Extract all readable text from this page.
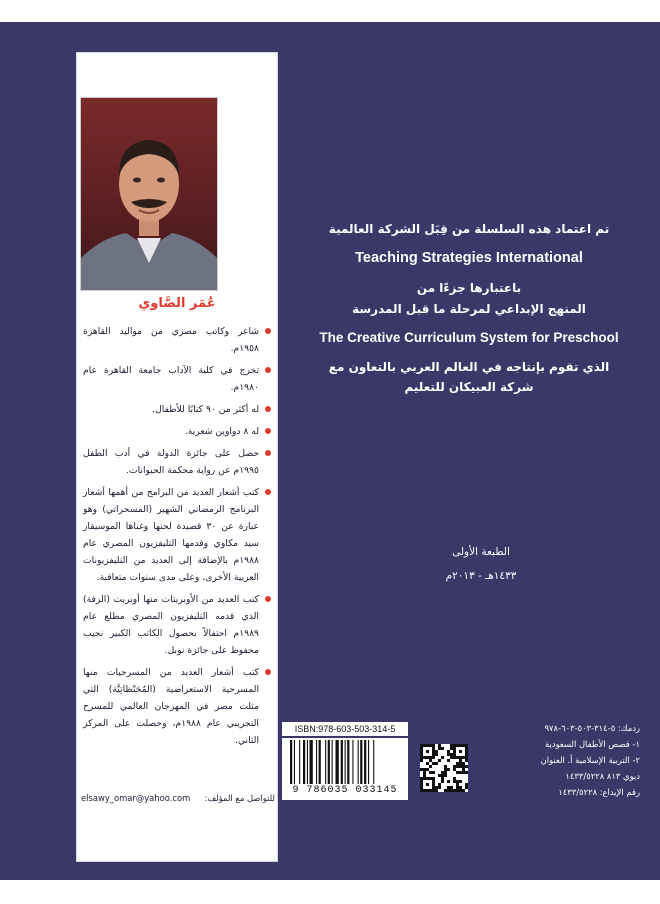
عُمَر الصَّاوي
شاعر وكاتب مصري من مواليد القاهرة ١٩٥٨م.
تخرج في كلية الآداب جامعة القاهرة عام ١٩٨٠م.
له أكثر من ٩٠ كتابًا للأطفال.
له ٨ دواوين شعرية.
حصل على جائزة الدولة في أدب الطفل ١٩٩٥م عن رواية محكمة الحيوانات.
كتب أشعار العديد من البرامج من أهمها أشعار البرنامج الرمضاني الشهير (المسحراتي) وهو عبارة عن ٣٠ قصيدة لحنها وغناها الموسيقار سيد مكاوي وقدمها التليفزيون المصري عام ١٩٨٨م بالإضافة إلى العديد من التليفزيونات العربية الأخرى، وعلى مدى سنوات متعاقبة.
كتب العديد من الأوبريتات منها أوبريت (الزفة) الذي قدمه التليفزيون المصري مطلع عام ١٩٨٩م احتفالاً بحصول الكاتب الكبير نجيب محفوظ على جائزة نوبل.
كتب أشعار العديد من المسرحيات منها المسرحية الاستعراضية (المُحَبْظاتِيَّة) التي مثلت مصر في المهرجان العالمي للمسرح التجريبي عام ١٩٨٨م، وحصلت على المركز الثاني.
elsawy_omar@yahoo.com للتواصل مع المؤلف:
تم اعتماد هذه السلسلة من قِبَل الشركة العالمية
Teaching Strategies International
باعتبارها جزءًا من
المنهج الإبداعي لمرحلة ما قبل المدرسة
The Creative Curriculum System for Preschool
الذي تقوم بإنتاجه في العالم العربي بالتعاون مع
شركة العبيكان للتعليم
الطبعة الأولى
١٤٣٣هـ - ٢٠١٣م
ISBN:978-603-503-314-5
9 786035 033145
ردمك: ٥-٣١٤-٥٠٣-٦٠٣-٩٧٨
١- قصص الأطفال السعودية
٢- التربية الإسلامية أ. العنوان
ديوي ٨١٣ ١٤٣٣/٥٢٢٨
رقم الإيداع: ١٤٣٣/٥٢٢٨
